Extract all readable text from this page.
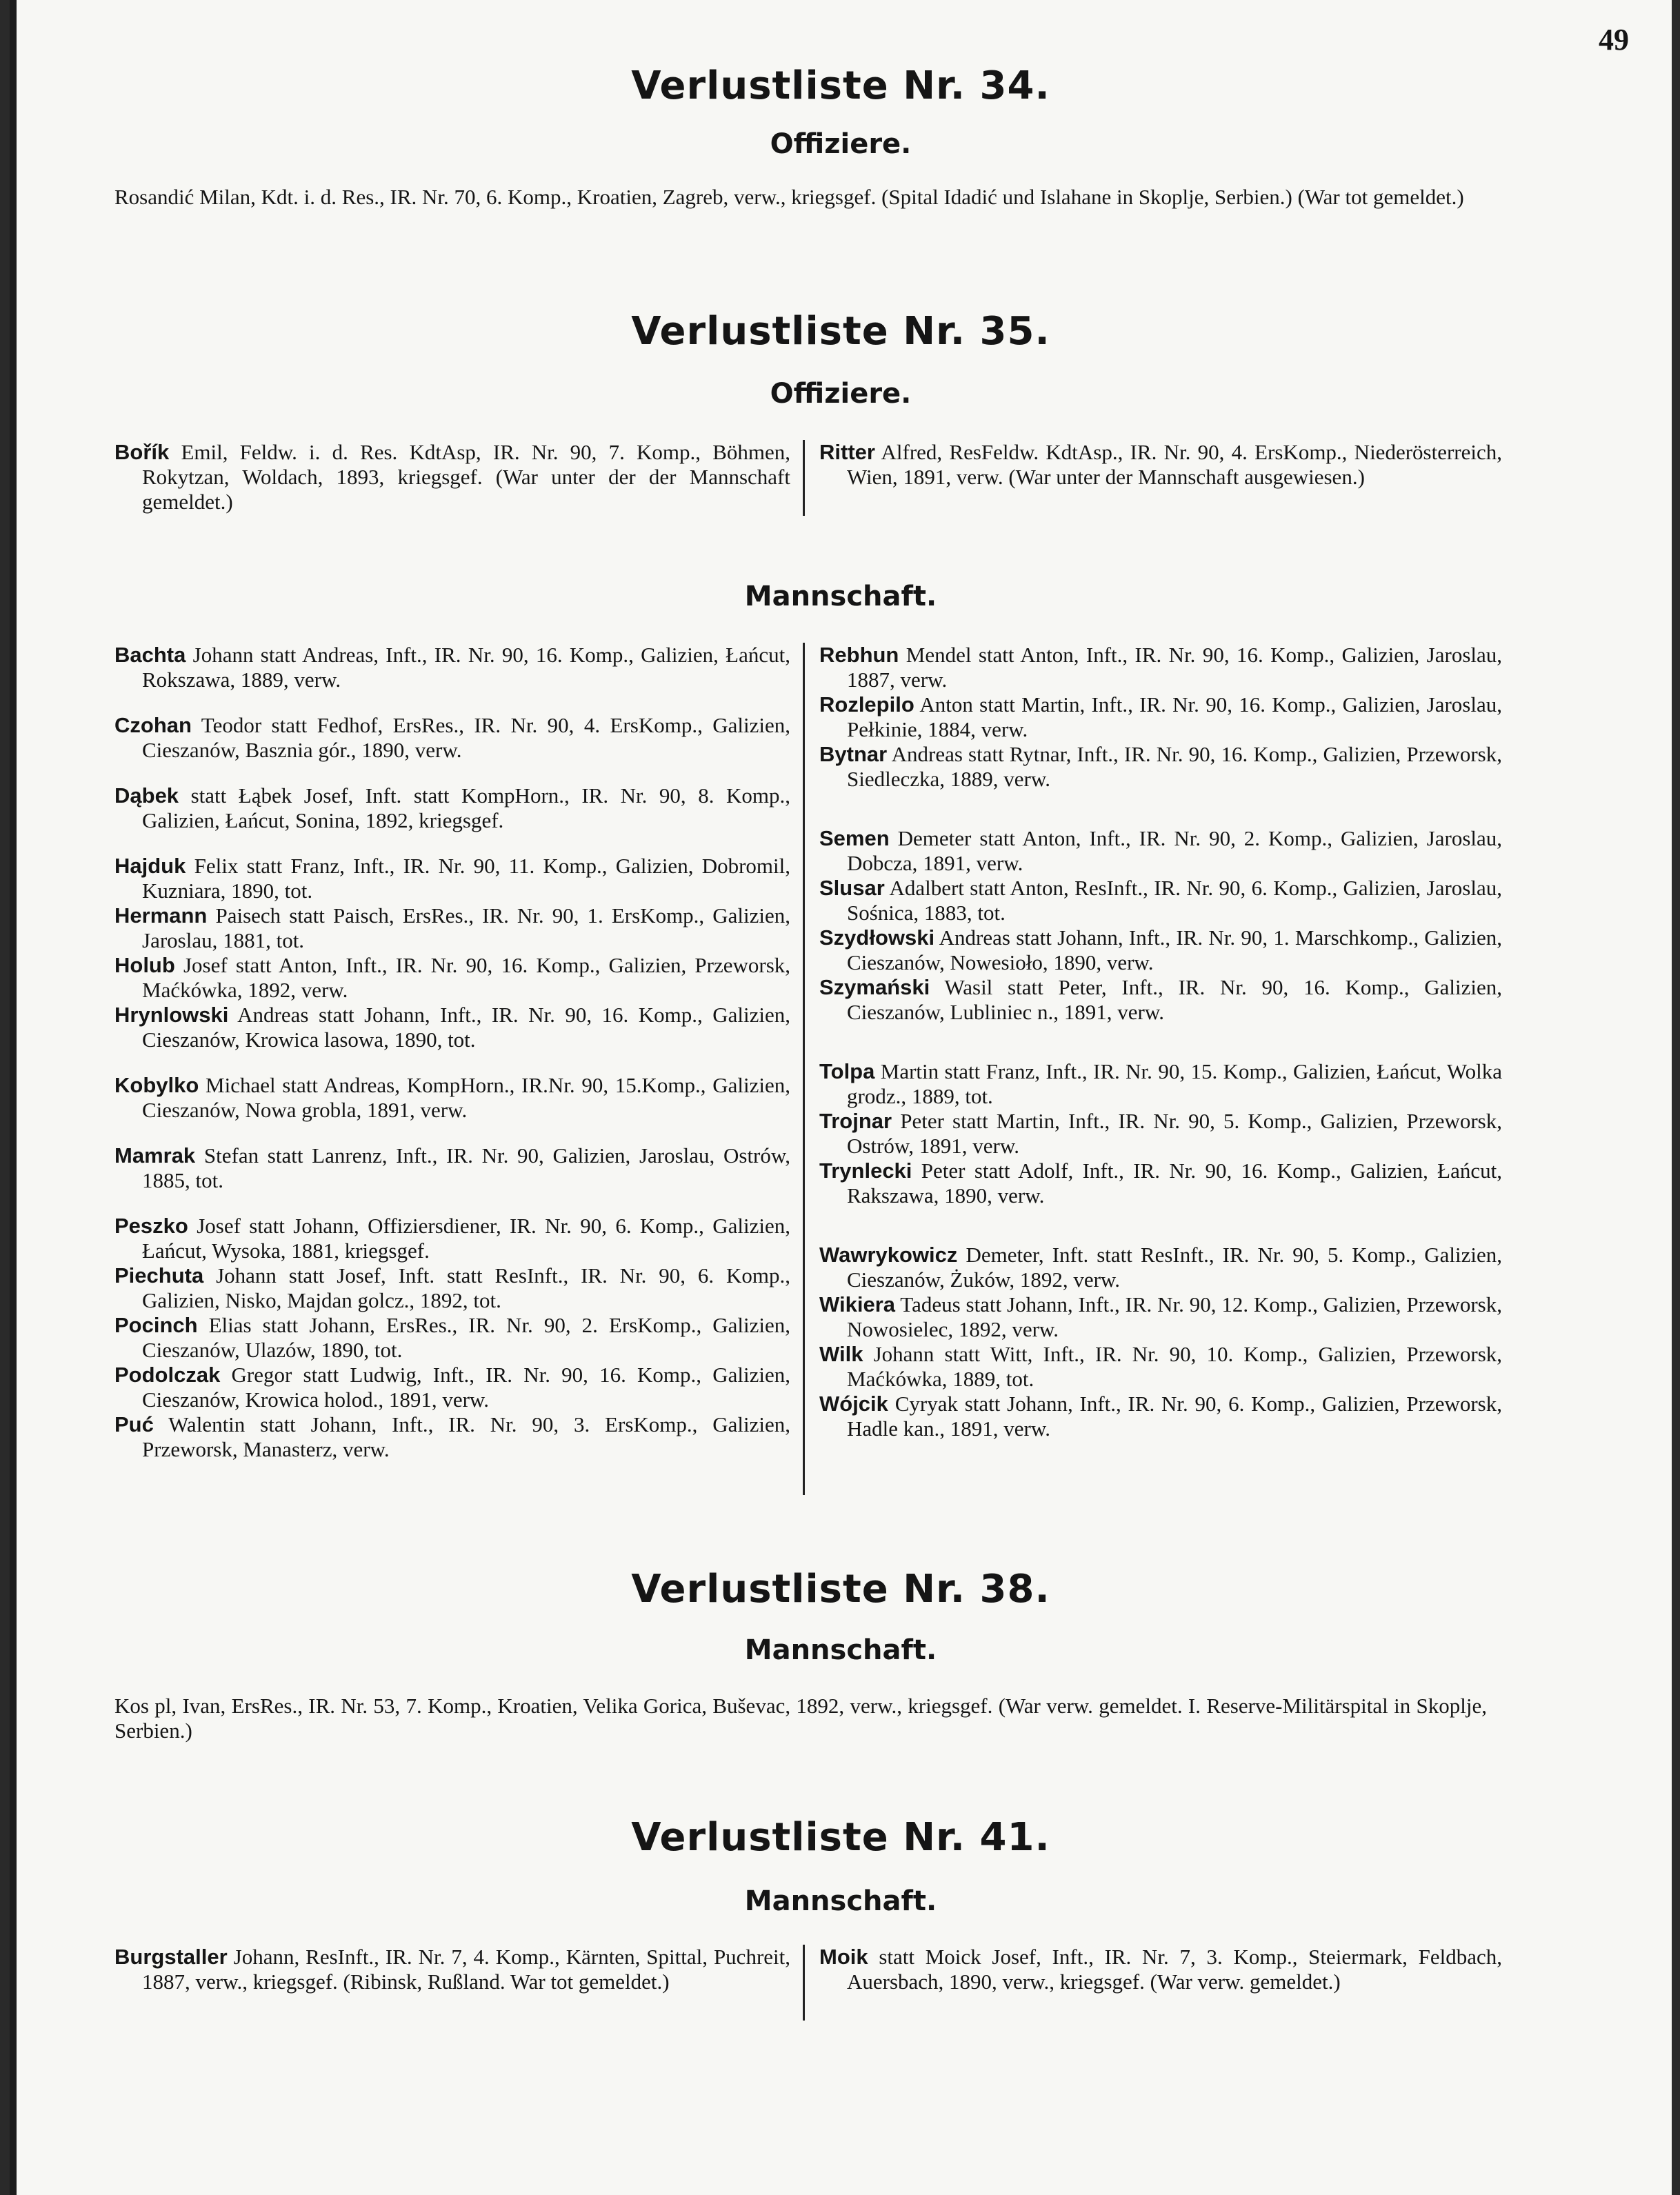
49
Verlustliste Nr. 34.
Offiziere.
Rosandić Milan, Kdt. i. d. Res., IR. Nr. 70, 6. Komp., Kroatien, Zagreb, verw., kriegsgef. (Spital Idadić und Islahane in Skoplje, Serbien.) (War tot gemeldet.)
Verlustliste Nr. 35.
Offiziere.
Bořík Emil, Feldw. i. d. Res. KdtAsp, IR. Nr. 90, 7. Komp., Böhmen, Rokytzan, Woldach, 1893, kriegsgef. (War unter der der Mannschaft gemeldet.)
Ritter Alfred, ResFeldw. KdtAsp., IR. Nr. 90, 4. ErsKomp., Niederösterreich, Wien, 1891, verw. (War unter der Mannschaft ausgewiesen.)
Mannschaft.
Bachta Johann statt Andreas, Inft., IR. Nr. 90, 16. Komp., Galizien, Łańcut, Rokszawa, 1889, verw.
Czohan Teodor statt Fedhof, ErsRes., IR. Nr. 90, 4. ErsKomp., Galizien, Cieszanów, Basznia gór., 1890, verw.
Dąbek statt Łąbek Josef, Inft. statt KompHorn., IR. Nr. 90, 8. Komp., Galizien, Łańcut, Sonina, 1892, kriegsgef.
Hajduk Felix statt Franz, Inft., IR. Nr. 90, 11. Komp., Galizien, Dobromil, Kuzniara, 1890, tot.
Hermann Paisech statt Paisch, ErsRes., IR. Nr. 90, 1. ErsKomp., Galizien, Jaroslau, 1881, tot.
Holub Josef statt Anton, Inft., IR. Nr. 90, 16. Komp., Galizien, Przeworsk, Maćkówka, 1892, verw.
Hrynlowski Andreas statt Johann, Inft., IR. Nr. 90, 16. Komp., Galizien, Cieszanów, Krowica lasowa, 1890, tot.
Kobylko Michael statt Andreas, KompHorn., IR.Nr. 90, 15.Komp., Galizien, Cieszanów, Nowa grobla, 1891, verw.
Mamrak Stefan statt Lanrenz, Inft., IR. Nr. 90, Galizien, Jaroslau, Ostrów, 1885, tot.
Peszko Josef statt Johann, Offiziersdiener, IR. Nr. 90, 6. Komp., Galizien, Łańcut, Wysoka, 1881, kriegsgef.
Piechuta Johann statt Josef, Inft. statt ResInft., IR. Nr. 90, 6. Komp., Galizien, Nisko, Majdan golcz., 1892, tot.
Pocinch Elias statt Johann, ErsRes., IR. Nr. 90, 2. ErsKomp., Galizien, Cieszanów, Ulazów, 1890, tot.
Podolczak Gregor statt Ludwig, Inft., IR. Nr. 90, 16. Komp., Galizien, Cieszanów, Krowica holod., 1891, verw.
Puć Walentin statt Johann, Inft., IR. Nr. 90, 3. ErsKomp., Galizien, Przeworsk, Manasterz, verw.
Rebhun Mendel statt Anton, Inft., IR. Nr. 90, 16. Komp., Galizien, Jaroslau, 1887, verw.
Rozlepilo Anton statt Martin, Inft., IR. Nr. 90, 16. Komp., Galizien, Jaroslau, Pełkinie, 1884, verw.
Bytnar Andreas statt Rytnar, Inft., IR. Nr. 90, 16. Komp., Galizien, Przeworsk, Siedleczka, 1889, verw.
Semen Demeter statt Anton, Inft., IR. Nr. 90, 2. Komp., Galizien, Jaroslau, Dobcza, 1891, verw.
Slusar Adalbert statt Anton, ResInft., IR. Nr. 90, 6. Komp., Galizien, Jaroslau, Sośnica, 1883, tot.
Szydłowski Andreas statt Johann, Inft., IR. Nr. 90, 1. Marschkomp., Galizien, Cieszanów, Nowesioło, 1890, verw.
Szymański Wasil statt Peter, Inft., IR. Nr. 90, 16. Komp., Galizien, Cieszanów, Lubliniec n., 1891, verw.
Tolpa Martin statt Franz, Inft., IR. Nr. 90, 15. Komp., Galizien, Łańcut, Wolka grodz., 1889, tot.
Trojnar Peter statt Martin, Inft., IR. Nr. 90, 5. Komp., Galizien, Przeworsk, Ostrów, 1891, verw.
Trynlecki Peter statt Adolf, Inft., IR. Nr. 90, 16. Komp., Galizien, Łańcut, Rakszawa, 1890, verw.
Wawrykowicz Demeter, Inft. statt ResInft., IR. Nr. 90, 5. Komp., Galizien, Cieszanów, Żuków, 1892, verw.
Wikiera Tadeus statt Johann, Inft., IR. Nr. 90, 12. Komp., Galizien, Przeworsk, Nowosielec, 1892, verw.
Wilk Johann statt Witt, Inft., IR. Nr. 90, 10. Komp., Galizien, Przeworsk, Maćkówka, 1889, tot.
Wójcik Cyryak statt Johann, Inft., IR. Nr. 90, 6. Komp., Galizien, Przeworsk, Hadle kan., 1891, verw.
Verlustliste Nr. 38.
Mannschaft.
Kos pl, Ivan, ErsRes., IR. Nr. 53, 7. Komp., Kroatien, Velika Gorica, Buševac, 1892, verw., kriegsgef. (War verw. gemeldet. I. Reserve-Militärspital in Skoplje, Serbien.)
Verlustliste Nr. 41.
Mannschaft.
Burgstaller Johann, ResInft., IR. Nr. 7, 4. Komp., Kärnten, Spittal, Puchreit, 1887, verw., kriegsgef. (Ribinsk, Rußland. War tot gemeldet.)
Moik statt Moick Josef, Inft., IR. Nr. 7, 3. Komp., Steiermark, Feldbach, Auersbach, 1890, verw., kriegsgef. (War verw. gemeldet.)
